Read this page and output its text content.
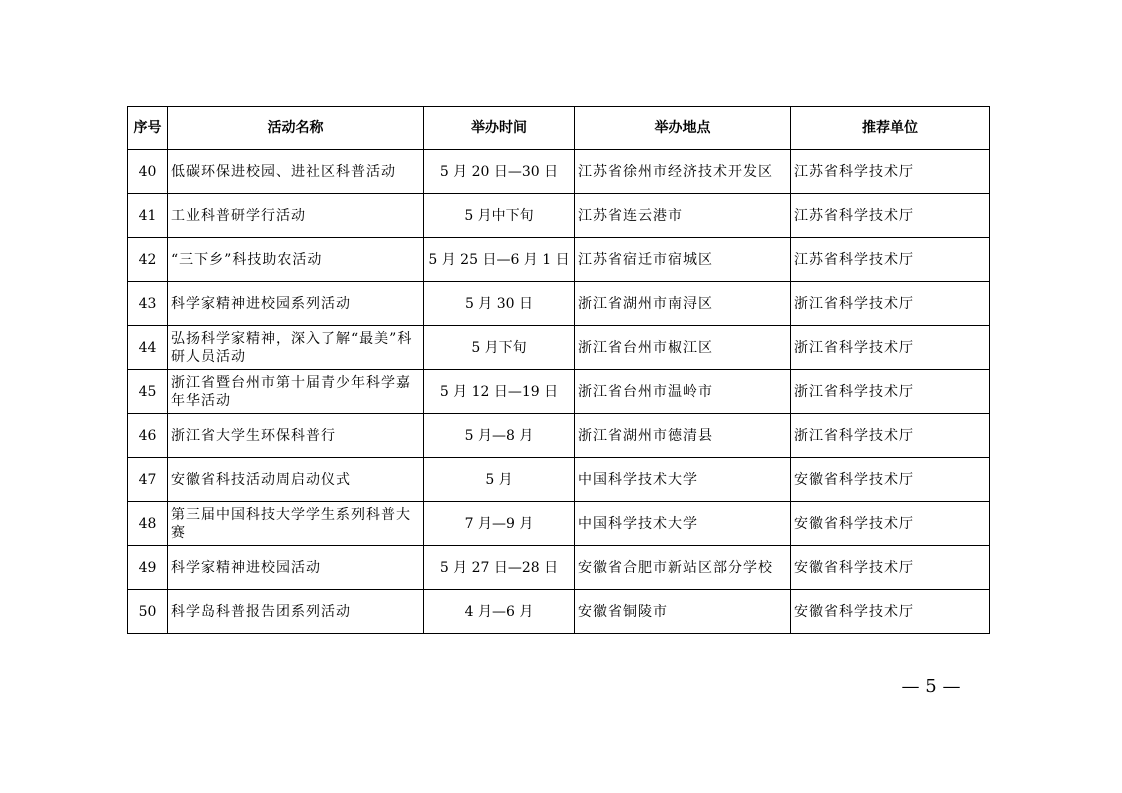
序号	活动名称	举办时间	举办地点	推荐单位
40	低碳环保进校园、进社区科普活动	5 月 20 日—30 日	江苏省徐州市经济技术开发区	江苏省科学技术厅
41	工业科普研学行活动	5 月中下旬	江苏省连云港市	江苏省科学技术厅
42	“三下乡”科技助农活动	5 月 25 日—6 月 1 日	江苏省宿迁市宿城区	江苏省科学技术厅
43	科学家精神进校园系列活动	5 月 30 日	浙江省湖州市南浔区	浙江省科学技术厅
44	弘扬科学家精神，深入了解“最美”科研人员活动	5 月下旬	浙江省台州市椒江区	浙江省科学技术厅
45	浙江省暨台州市第十届青少年科学嘉年华活动	5 月 12 日—19 日	浙江省台州市温岭市	浙江省科学技术厅
46	浙江省大学生环保科普行	5 月—8 月	浙江省湖州市德清县	浙江省科学技术厅
47	安徽省科技活动周启动仪式	5 月	中国科学技术大学	安徽省科学技术厅
48	第三届中国科技大学学生系列科普大赛	7 月—9 月	中国科学技术大学	安徽省科学技术厅
49	科学家精神进校园活动	5 月 27 日—28 日	安徽省合肥市新站区部分学校	安徽省科学技术厅
50	科学岛科普报告团系列活动	4 月—6 月	安徽省铜陵市	安徽省科学技术厅
— 5 —
